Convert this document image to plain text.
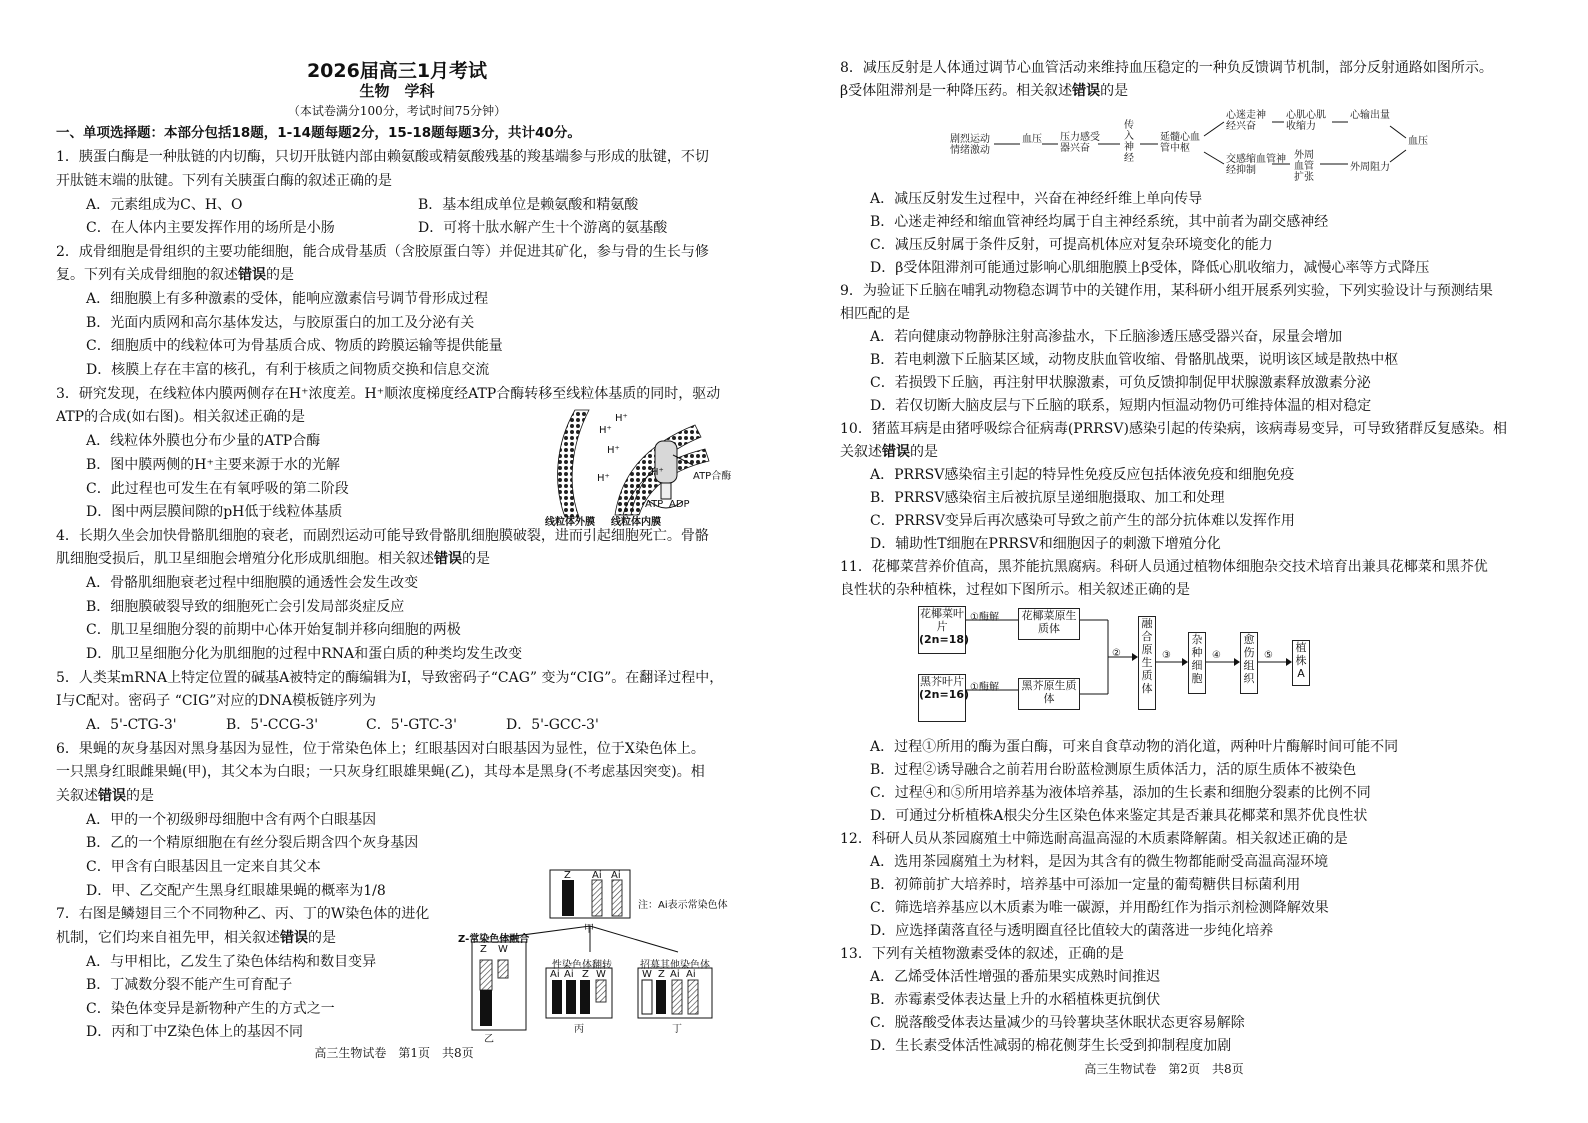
2026届高三1月考试
生物　学科
（本试卷满分100分，考试时间75分钟）
一、单项选择题：本部分包括18题，1-14题每题2分，15-18题每题3分，共计40分。
1．胰蛋白酶是一种肽链的内切酶，只切开肽链内部由赖氨酸或精氨酸残基的羧基端参与形成的肽键，不切
开肽链末端的肽键。下列有关胰蛋白酶的叙述正确的是
A．元素组成为C、H、O	B．基本组成单位是赖氨酸和精氨酸
C．在人体内主要发挥作用的场所是小肠	D．可将十肽水解产生十个游离的氨基酸
2．成骨细胞是骨组织的主要功能细胞，能合成骨基质（含胶原蛋白等）并促进其矿化，参与骨的生长与修
复。下列有关成骨细胞的叙述错误的是
A．细胞膜上有多种激素的受体，能响应激素信号调节骨形成过程
B．光面内质网和高尔基体发达，与胶原蛋白的加工及分泌有关
C．细胞质中的线粒体可为骨基质合成、物质的跨膜运输等提供能量
D．核膜上存在丰富的核孔，有利于核质之间物质交换和信息交流
3．研究发现，在线粒体内膜两侧存在H⁺浓度差。H⁺顺浓度梯度经ATP合酶转移至线粒体基质的同时，驱动
ATP的合成(如右图)。相关叙述正确的是
A．线粒体外膜也分布少量的ATP合酶
B．图中膜两侧的H⁺主要来源于水的光解
C．此过程也可发生在有氧呼吸的第二阶段
D．图中两层膜间隙的pH低于线粒体基质
H⁺
H⁺
H⁺
H⁺
H⁺	ATP合酶
ATP ADP
线粒体外膜 线粒体内膜
4．长期久坐会加快骨骼肌细胞的衰老，而剧烈运动可能导致骨骼肌细胞膜破裂，进而引起细胞死亡。骨骼
肌细胞受损后，肌卫星细胞会增殖分化形成肌细胞。相关叙述错误的是
A．骨骼肌细胞衰老过程中细胞膜的通透性会发生改变
B．细胞膜破裂导致的细胞死亡会引发局部炎症反应
C．肌卫星细胞分裂的前期中心体开始复制并移向细胞的两极
D．肌卫星细胞分化为肌细胞的过程中RNA和蛋白质的种类均发生改变
5．人类某mRNA上特定位置的碱基A被特定的酶编辑为I，导致密码子“CAG” 变为“CIG”。在翻译过程中，
I与C配对。密码子 “CIG”对应的DNA模板链序列为
A．5'-CTG-3'	B．5'-CCG-3'	C．5'-GTC-3'	D．5'-GCC-3'
6．果蝇的灰身基因对黑身基因为显性，位于常染色体上；红眼基因对白眼基因为显性，位于X染色体上。
一只黑身红眼雌果蝇(甲)，其父本为白眼；一只灰身红眼雄果蝇(乙)，其母本是黑身(不考虑基因突变)。相
关叙述错误的是
A．甲的一个初级卵母细胞中含有两个白眼基因
B．乙的一个精原细胞在有丝分裂后期含四个灰身基因
C．甲含有白眼基因且一定来自其父本
D．甲、乙交配产生黑身红眼雄果蝇的概率为1/8
7．右图是鳞翅目三个不同物种乙、丙、丁的W染色体的进化
机制，它们均来自祖先甲，相关叙述错误的是
A．与甲相比，乙发生了染色体结构和数目变异
B．丁减数分裂不能产生可育配子
C．染色体变异是新物种产生的方式之一
D．丙和丁中Z染色体上的基因不同
Z Ai Ai
注：Ai表示常染色体
甲
Z-常染色体融合
Z W
乙
性染色体翻转
Ai Ai Z W
丙
招募其他染色体
W Z Ai Ai
丁
高三生物试卷　第1页　共8页
8．减压反射是人体通过调节心血管活动来维持血压稳定的一种负反馈调节机制，部分反射通路如图所示。
β受体阻滞剂是一种降压药。相关叙述错误的是
剧烈运动情绪激动
血压 压力感受器兴奋
传入神经
延髓心血管中枢
心迷走神经兴奋
交感缩血管神经抑制
心肌心肌收缩力
心输出量
外周血管扩张
外周阻力
血压
A．减压反射发生过程中，兴奋在神经纤维上单向传导
B．心迷走神经和缩血管神经均属于自主神经系统，其中前者为副交感神经
C．减压反射属于条件反射，可提高机体应对复杂环境变化的能力
D．β受体阻滞剂可能通过影响心肌细胞膜上β受体，降低心肌收缩力，减慢心率等方式降压
9．为验证下丘脑在哺乳动物稳态调节中的关键作用，某科研小组开展系列实验，下列实验设计与预测结果
相匹配的是
A．若向健康动物静脉注射高渗盐水，下丘脑渗透压感受器兴奋，尿量会增加
B．若电刺激下丘脑某区域，动物皮肤血管收缩、骨骼肌战栗，说明该区域是散热中枢
C．若损毁下丘脑，再注射甲状腺激素，可负反馈抑制促甲状腺激素释放激素分泌
D．若仅切断大脑皮层与下丘脑的联系，短期内恒温动物仍可维持体温的相对稳定
10．猪蓝耳病是由猪呼吸综合征病毒(PRRSV)感染引起的传染病，该病毒易变异，可导致猪群反复感染。相
关叙述错误的是
A．PRRSV感染宿主引起的特异性免疫反应包括体液免疫和细胞免疫
B．PRRSV感染宿主后被抗原呈递细胞摄取、加工和处理
C．PRRSV变异后再次感染可导致之前产生的部分抗体难以发挥作用
D．辅助性T细胞在PRRSV和细胞因子的刺激下增殖分化
11．花椰菜营养价值高，黑芥能抗黑腐病。科研人员通过植物体细胞杂交技术培育出兼具花椰菜和黑芥优
良性状的杂种植株，过程如下图所示。相关叙述正确的是
花椰菜叶片
(2n=18)
黑芥叶片
(2n=16)
①酶解
①酶解
花椰菜原生质体
黑芥原生质体
②
融合原生质体
③
杂种细胞
④
愈伤组织
⑤
植株A
A．过程①所用的酶为蛋白酶，可来自食草动物的消化道，两种叶片酶解时间可能不同
B．过程②诱导融合之前若用台盼蓝检测原生质体活力，活的原生质体不被染色
C．过程④和⑤所用培养基为液体培养基，添加的生长素和细胞分裂素的比例不同
D．可通过分析植株A根尖分生区染色体来鉴定其是否兼具花椰菜和黑芥优良性状
12．科研人员从茶园腐殖土中筛选耐高温高湿的木质素降解菌。相关叙述正确的是
A．选用茶园腐殖土为材料，是因为其含有的微生物都能耐受高温高湿环境
B．初筛前扩大培养时，培养基中可添加一定量的葡萄糖供目标菌利用
C．筛选培养基应以木质素为唯一碳源，并用酚红作为指示剂检测降解效果
D．应选择菌落直径与透明圈直径比值较大的菌落进一步纯化培养
13．下列有关植物激素受体的叙述，正确的是
A．乙烯受体活性增强的番茄果实成熟时间推迟
B．赤霉素受体表达量上升的水稻植株更抗倒伏
C．脱落酸受体表达量减少的马铃薯块茎休眠状态更容易解除
D．生长素受体活性减弱的棉花侧芽生长受到抑制程度加剧
高三生物试卷　第2页　共8页
